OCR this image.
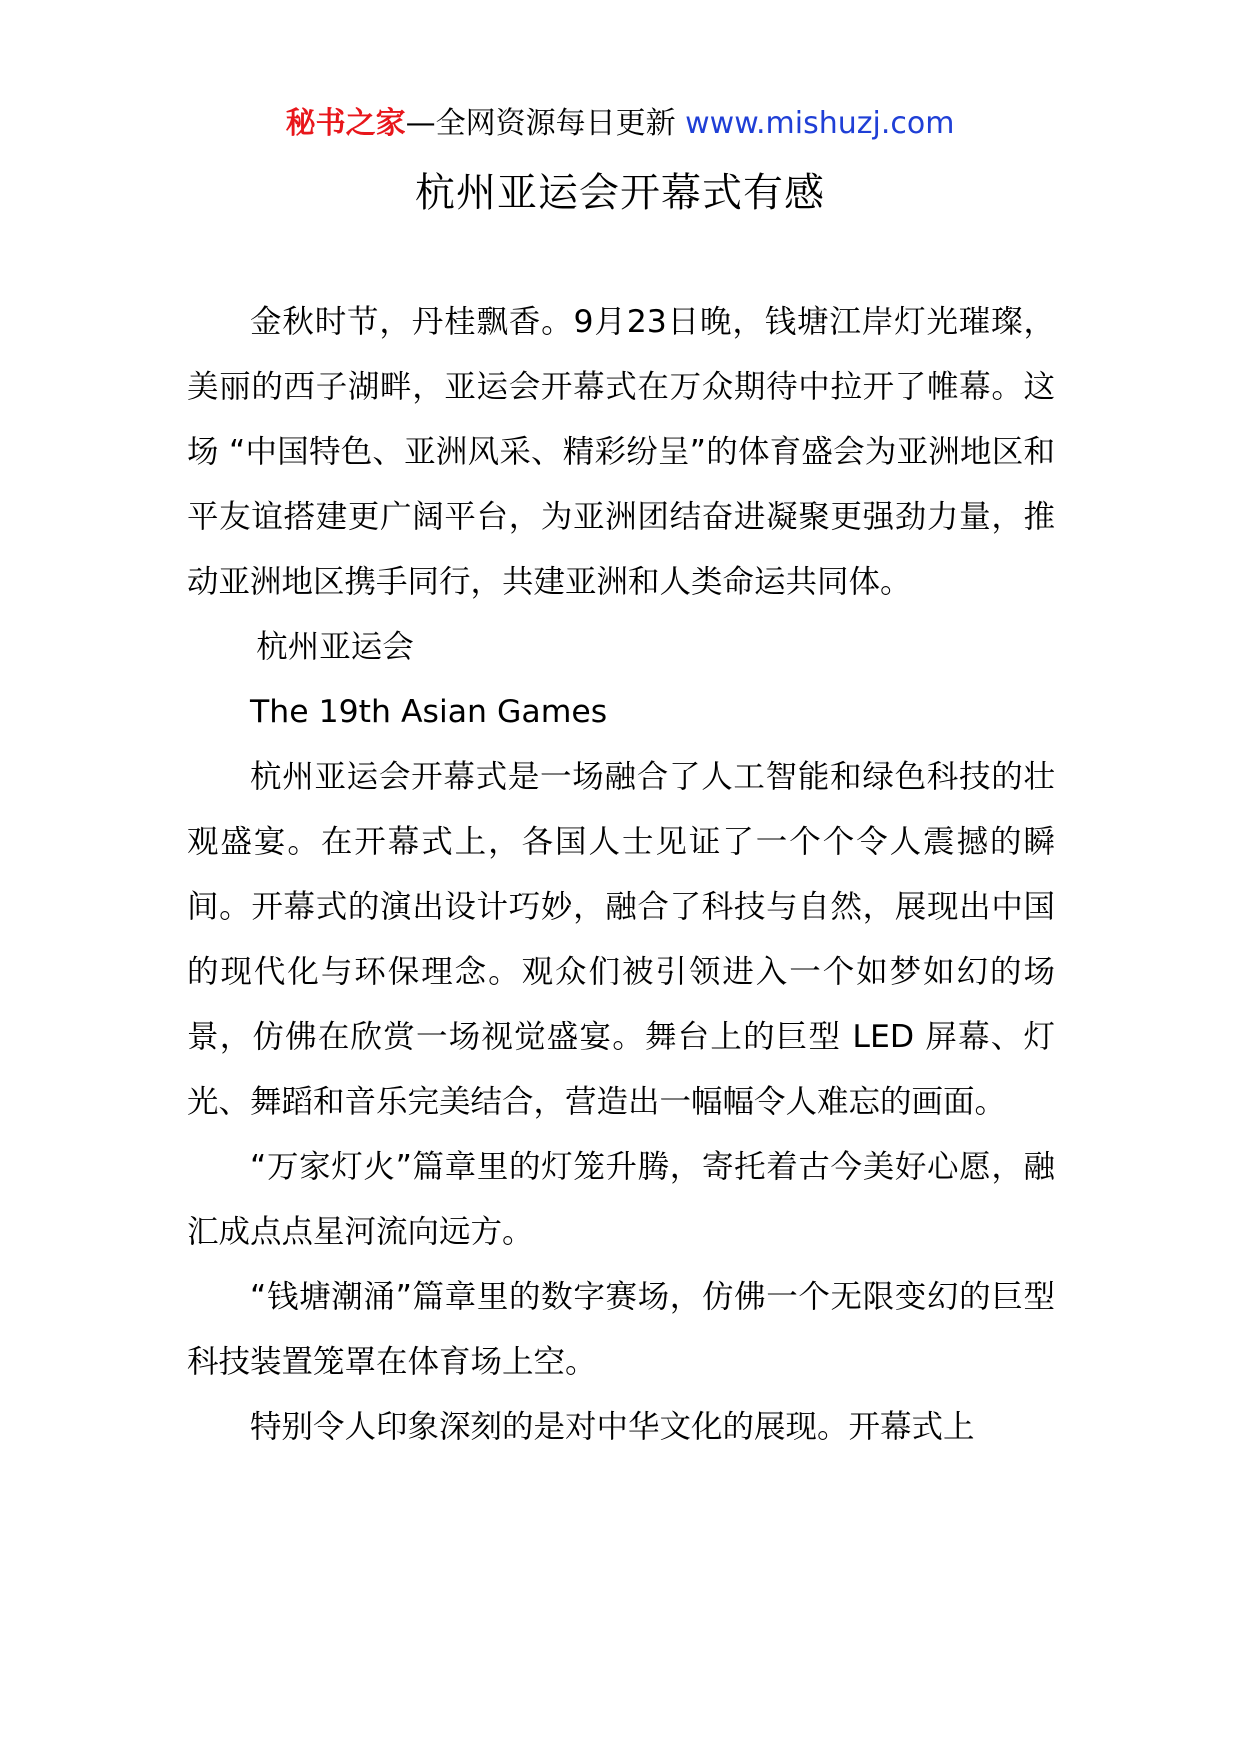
秘书之家—全网资源每日更新 www.mishuzj.com
杭州亚运会开幕式有感

金秋时节，丹桂飘香。9月23日晚，钱塘江岸灯光璀璨，美丽的西子湖畔，亚运会开幕式在万众期待中拉开了帷幕。这场 “中国特色、亚洲风采、精彩纷呈”的体育盛会为亚洲地区和平友谊搭建更广阔平台，为亚洲团结奋进凝聚更强劲力量，推动亚洲地区携手同行，共建亚洲和人类命运共同体。

杭州亚运会

The 19th Asian Games

杭州亚运会开幕式是一场融合了人工智能和绿色科技的壮观盛宴。在开幕式上，各国人士见证了一个个令人震撼的瞬间。开幕式的演出设计巧妙，融合了科技与自然，展现出中国的现代化与环保理念。观众们被引领进入一个如梦如幻的场景，仿佛在欣赏一场视觉盛宴。舞台上的巨型 LED 屏幕、灯光、舞蹈和音乐完美结合，营造出一幅幅令人难忘的画面。

“万家灯火”篇章里的灯笼升腾，寄托着古今美好心愿，融汇成点点星河流向远方。

“钱塘潮涌”篇章里的数字赛场，仿佛一个无限变幻的巨型科技装置笼罩在体育场上空。

特别令人印象深刻的是对中华文化的展现。开幕式上
